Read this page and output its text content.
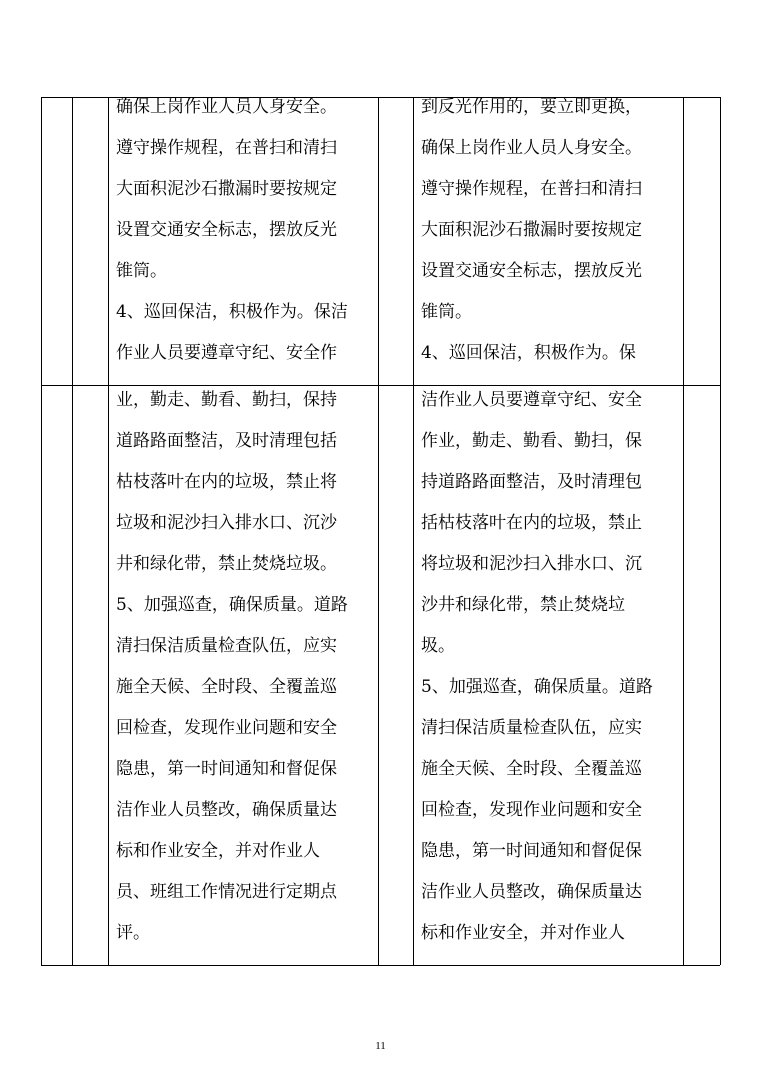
确保上岗作业人员人身安全。
遵守操作规程，在普扫和清扫
大面积泥沙石撒漏时要按规定
设置交通安全标志，摆放反光
锥筒。
4、巡回保洁，积极作为。保洁
作业人员要遵章守纪、安全作
到反光作用的，要立即更换，
确保上岗作业人员人身安全。
遵守操作规程，在普扫和清扫
大面积泥沙石撒漏时要按规定
设置交通安全标志，摆放反光
锥筒。
4、巡回保洁，积极作为。保
业，勤走、勤看、勤扫，保持
道路路面整洁，及时清理包括
枯枝落叶在内的垃圾，禁止将
垃圾和泥沙扫入排水口、沉沙
井和绿化带，禁止焚烧垃圾。
5、加强巡查，确保质量。道路
清扫保洁质量检查队伍，应实
施全天候、全时段、全覆盖巡
回检查，发现作业问题和安全
隐患，第一时间通知和督促保
洁作业人员整改，确保质量达
标和作业安全，并对作业人
员、班组工作情况进行定期点
评。
洁作业人员要遵章守纪、安全
作业，勤走、勤看、勤扫，保
持道路路面整洁，及时清理包
括枯枝落叶在内的垃圾，禁止
将垃圾和泥沙扫入排水口、沉
沙井和绿化带，禁止焚烧垃
圾。
5、加强巡查，确保质量。道路
清扫保洁质量检查队伍，应实
施全天候、全时段、全覆盖巡
回检查，发现作业问题和安全
隐患，第一时间通知和督促保
洁作业人员整改，确保质量达
标和作业安全，并对作业人
11
